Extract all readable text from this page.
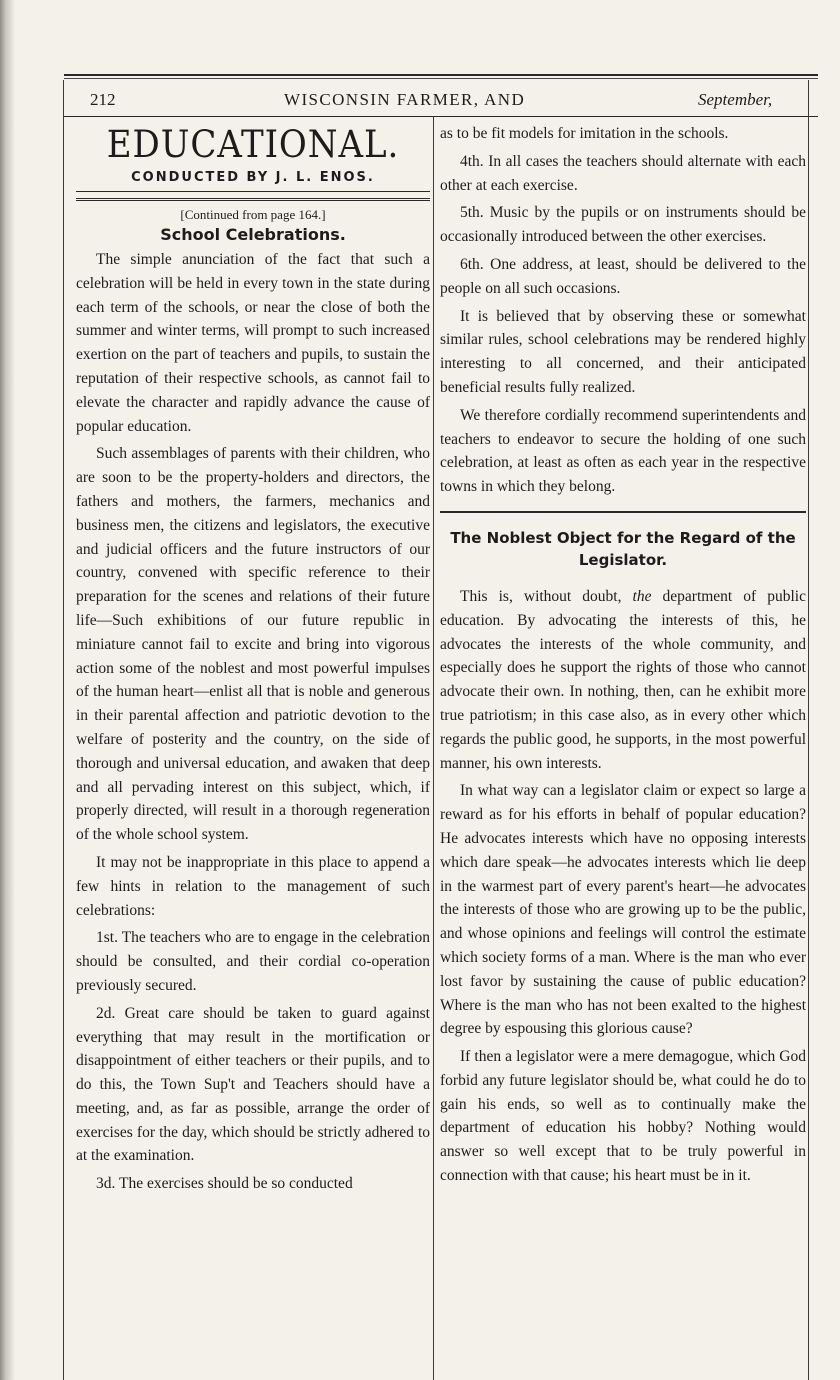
212	WISCONSIN FARMER, AND	September,
EDUCATIONAL.
CONDUCTED BY J. L. ENOS.
[Continued from page 164.]
School Celebrations.

The simple anunciation of the fact that such a celebration will be held in every town in the state during each term of the schools, or near the close of both the summer and winter terms, will prompt to such increased exertion on the part of teachers and pupils, to sustain the reputation of their respective schools, as cannot fail to elevate the character and rapidly advance the cause of popular education.

Such assemblages of parents with their children, who are soon to be the property-holders and directors, the fathers and mothers, the farmers, mechanics and business men, the citizens and legislators, the executive and judicial officers and the future instructors of our country, convened with specific reference to their preparation for the scenes and relations of their future life—Such exhibitions of our future republic in miniature cannot fail to excite and bring into vigorous action some of the noblest and most powerful impulses of the human heart—enlist all that is noble and generous in their parental affection and patriotic devotion to the welfare of posterity and the country, on the side of thorough and universal education, and awaken that deep and all pervading interest on this subject, which, if properly directed, will result in a thorough regeneration of the whole school system.

It may not be inappropriate in this place to append a few hints in relation to the management of such celebrations:

1st. The teachers who are to engage in the celebration should be consulted, and their cordial co-operation previously secured.

2d. Great care should be taken to guard against everything that may result in the mortification or disappointment of either teachers or their pupils, and to do this, the Town Sup't and Teachers should have a meeting, and, as far as possible, arrange the order of exercises for the day, which should be strictly adhered to at the examination.

3d. The exercises should be so conducted

as to be fit models for imitation in the schools.

4th. In all cases the teachers should alternate with each other at each exercise.

5th. Music by the pupils or on instruments should be occasionally introduced between the other exercises.

6th. One address, at least, should be delivered to the people on all such occasions.

It is believed that by observing these or somewhat similar rules, school celebrations may be rendered highly interesting to all concerned, and their anticipated beneficial results fully realized.

We therefore cordially recommend superintendents and teachers to endeavor to secure the holding of one such celebration, at least as often as each year in the respective towns in which they belong.

The Noblest Object for the Regard of the Legislator.

This is, without doubt, the department of public education. By advocating the interests of this, he advocates the interests of the whole community, and especially does he support the rights of those who cannot advocate their own. In nothing, then, can he exhibit more true patriotism; in this case also, as in every other which regards the public good, he supports, in the most powerful manner, his own interests.

In what way can a legislator claim or expect so large a reward as for his efforts in behalf of popular education? He advocates interests which have no opposing interests which dare speak—he advocates interests which lie deep in the warmest part of every parent's heart—he advocates the interests of those who are growing up to be the public, and whose opinions and feelings will control the estimate which society forms of a man. Where is the man who ever lost favor by sustaining the cause of public education? Where is the man who has not been exalted to the highest degree by espousing this glorious cause?

If then a legislator were a mere demagogue, which God forbid any future legislator should be, what could he do to gain his ends, so well as to continually make the department of education his hobby? Nothing would answer so well except that to be truly powerful in connection with that cause; his heart must be in it.
